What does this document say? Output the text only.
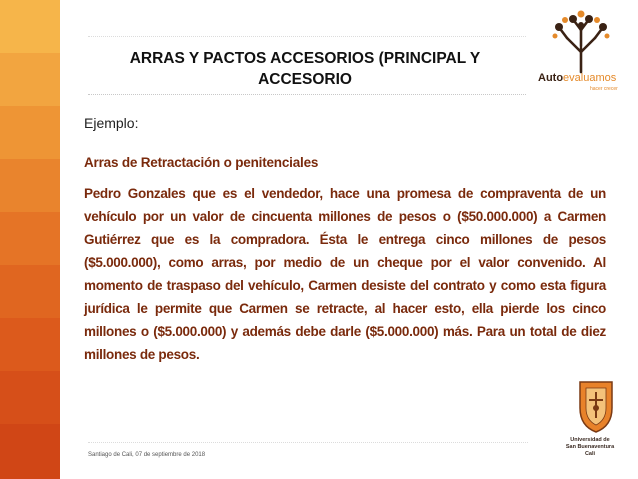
ARRAS Y PACTOS ACCESORIOS (PRINCIPAL Y ACCESORIO
Ejemplo:
Arras de Retractación o penitenciales

Pedro Gonzales que es el vendedor, hace una promesa de compraventa de un vehículo por un valor de cincuenta millones de pesos o ($50.000.000) a Carmen Gutiérrez que es la compradora. Ésta le entrega cinco millones de pesos ($5.000.000), como arras, por medio de un cheque por el valor convenido. Al momento de traspaso del vehículo, Carmen desiste del contrato y como esta figura jurídica le permite que Carmen se retracte, al hacer esto, ella pierde los cinco millones o ($5.000.000) y además debe darle ($5.000.000) más. Para un total de diez millones de pesos.

Santiago de Cali, 07 de septiembre de 2018
Autoevaluamos
hacer crecer
Universidad de
San Buenaventura
Cali
